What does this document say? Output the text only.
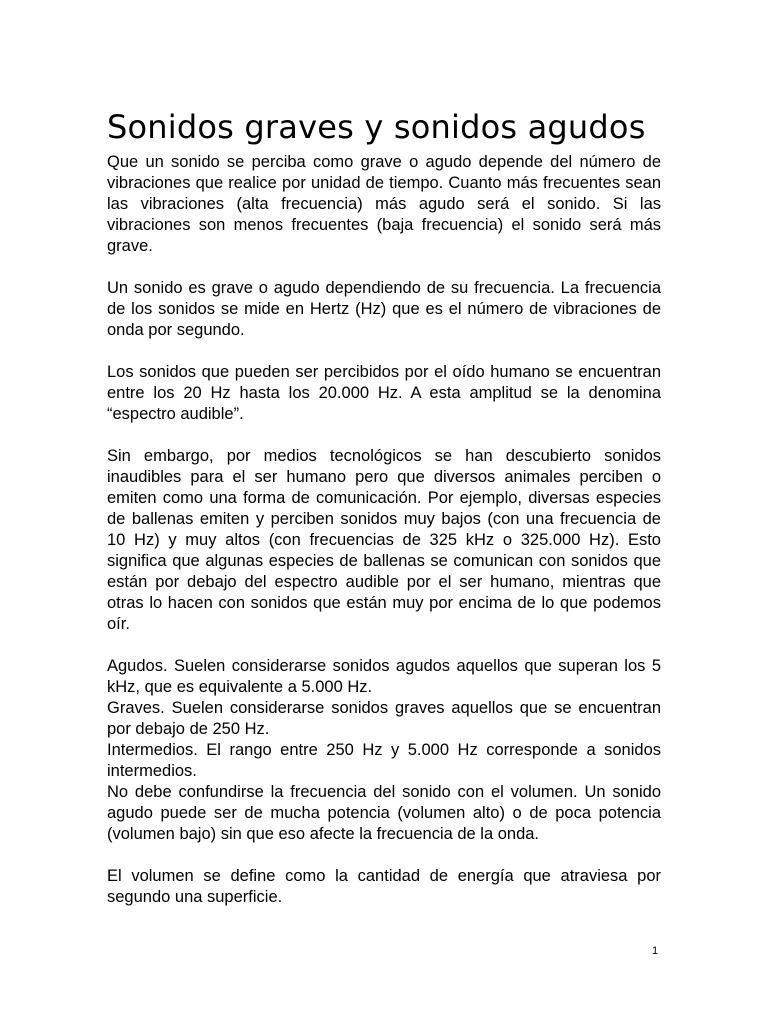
Sonidos graves y sonidos agudos

Que un sonido se perciba como grave o agudo depende del número de vibraciones que realice por unidad de tiempo. Cuanto más frecuentes sean las vibraciones (alta frecuencia) más agudo será el sonido. Si las vibraciones son menos frecuentes (baja frecuencia) el sonido será más grave.

Un sonido es grave o agudo dependiendo de su frecuencia. La frecuencia de los sonidos se mide en Hertz (Hz) que es el número de vibraciones de onda por segundo.

Los sonidos que pueden ser percibidos por el oído humano se encuentran entre los 20 Hz hasta los 20.000 Hz. A esta amplitud se la denomina “espectro audible”.

Sin embargo, por medios tecnológicos se han descubierto sonidos inaudibles para el ser humano pero que diversos animales perciben o emiten como una forma de comunicación. Por ejemplo, diversas especies de ballenas emiten y perciben sonidos muy bajos (con una frecuencia de 10 Hz) y muy altos (con frecuencias de 325 kHz o 325.000 Hz). Esto significa que algunas especies de ballenas se comunican con sonidos que están por debajo del espectro audible por el ser humano, mientras que otras lo hacen con sonidos que están muy por encima de lo que podemos oír.

Agudos. Suelen considerarse sonidos agudos aquellos que superan los 5 kHz, que es equivalente a 5.000 Hz.

Graves. Suelen considerarse sonidos graves aquellos que se encuentran por debajo de 250 Hz.

Intermedios. El rango entre 250 Hz y 5.000 Hz corresponde a sonidos intermedios.

No debe confundirse la frecuencia del sonido con el volumen. Un sonido agudo puede ser de mucha potencia (volumen alto) o de poca potencia (volumen bajo) sin que eso afecte la frecuencia de la onda.

El volumen se define como la cantidad de energía que atraviesa por segundo una superficie.

1
